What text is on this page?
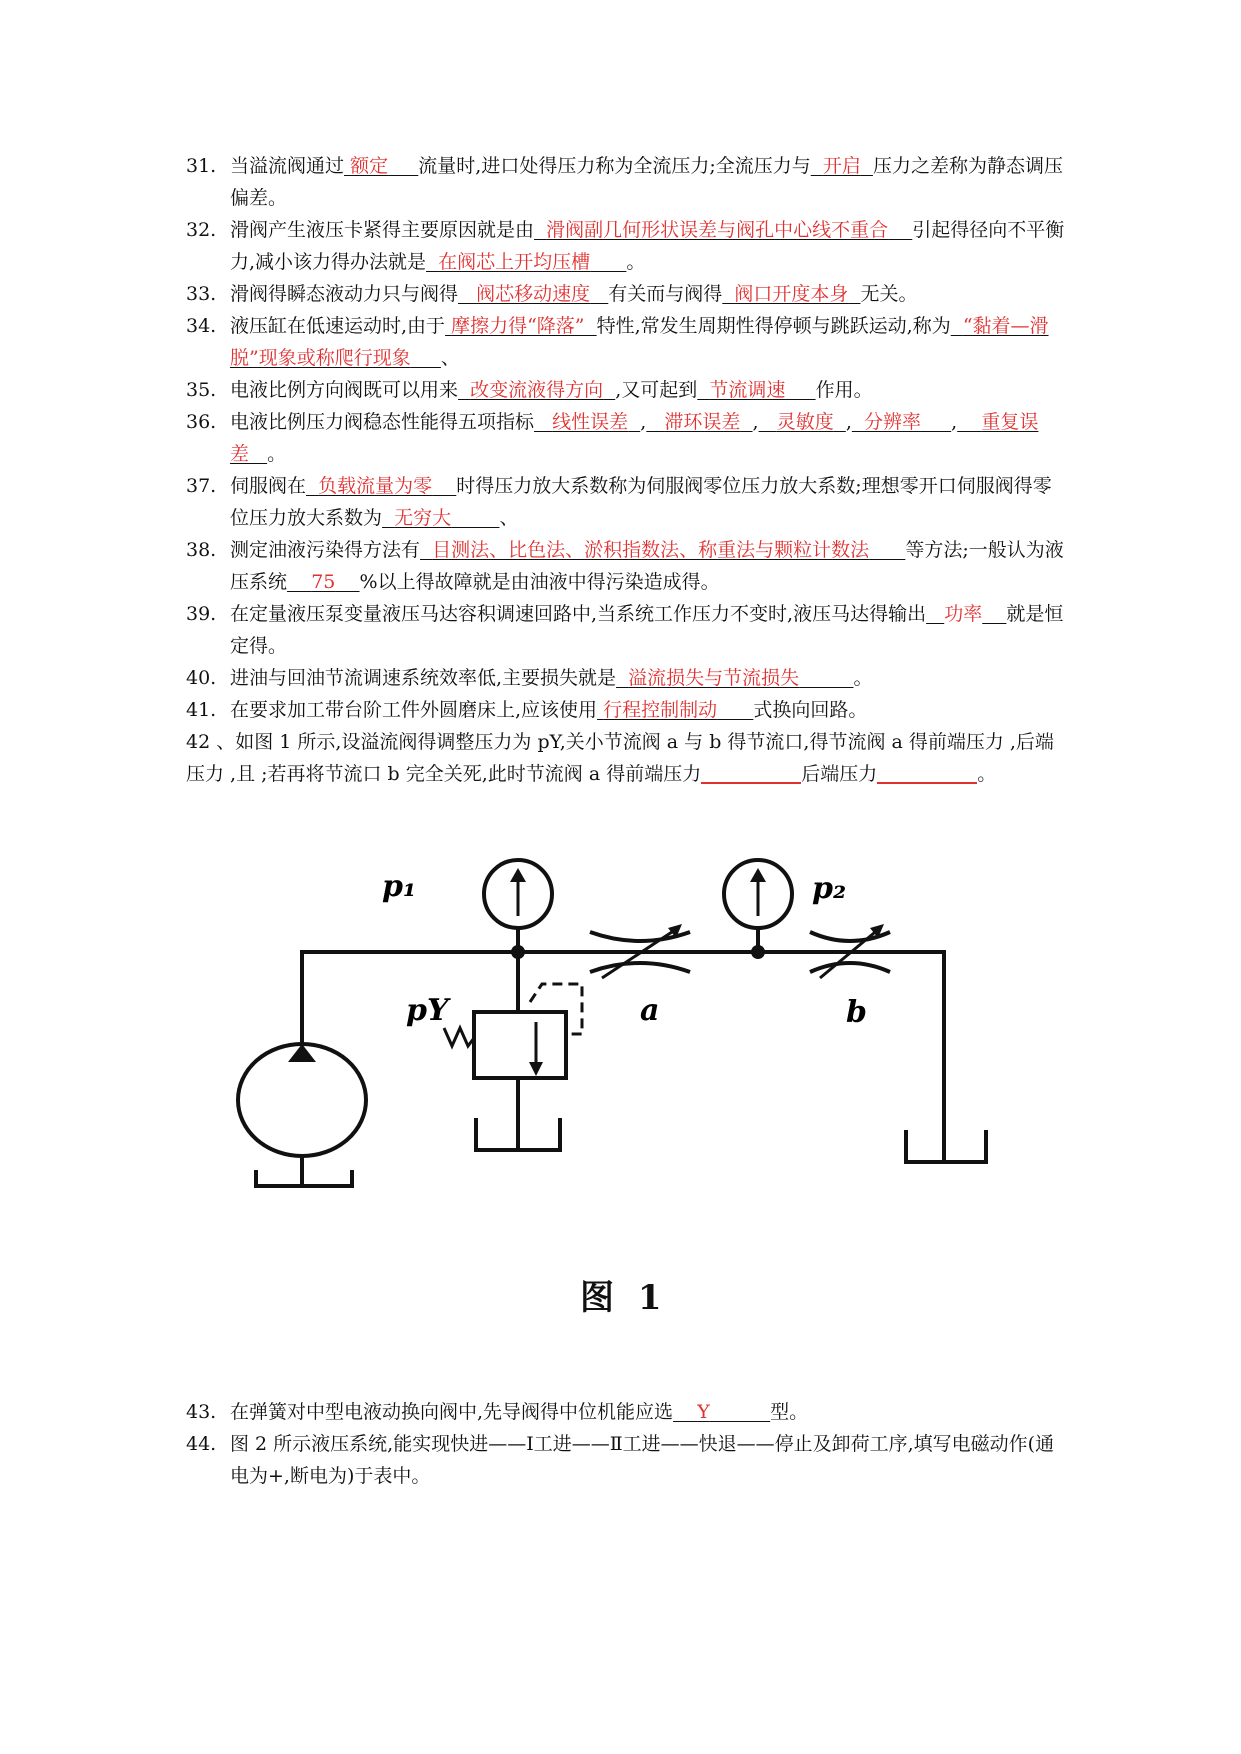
31. 当溢流阀通过 额定 流量时,进口处得压力称为全流压力;全流压力与 开启 压力之差称为静态调压偏差。
32. 滑阀产生液压卡紧得主要原因就是由 滑阀副几何形状误差与阀孔中心线不重合 引起得径向不平衡力,减小该力得办法就是 在阀芯上开均压槽 。
33. 滑阀得瞬态液动力只与阀得 阀芯移动速度 有关而与阀得 阀口开度本身 无关。
34. 液压缸在低速运动时,由于 摩擦力得“降落” 特性,常发生周期性得停顿与跳跃运动,称为 “黏着—滑脱”现象或称爬行现象 、
35. 电液比例方向阀既可以用来 改变流液得方向 ,又可起到 节流调速 作用。
36. 电液比例压力阀稳态性能得五项指标 线性误差 , 滞环误差 , 灵敏度 , 分辨率 , 重复误差 。
37. 伺服阀在 负载流量为零 时得压力放大系数称为伺服阀零位压力放大系数;理想零开口伺服阀得零位压力放大系数为 无穷大	、
38. 测定油液污染得方法有 目测法、比色法、淤积指数法、称重法与颗粒计数法 等方法;一般认为液压系统 75 %以上得故障就是由油液中得污染造成得。
39. 在定量液压泵变量液压马达容积调速回路中,当系统工作压力不变时,液压马达得输出 功率 就是恒定得。
40. 进油与回油节流调速系统效率低,主要损失就是 溢流损失与节流损失	。
41. 在要求加工带台阶工件外圆磨床上,应该使用 行程控制制动 式换向回路。
42 、如图 1 所示,设溢流阀得调整压力为 pY,关小节流阀 a 与 b 得节流口,得节流阀 a 得前端压力 ,后端压力 ,且 ;若再将节流口 b 完全关死,此时节流阀 a 得前端压力	后端压力	。
p₁	p₂
pY	a	b
图 1
43. 在弹簧对中型电液动换向阀中,先导阀得中位机能应选 Y	型。
44. 图 2 所示液压系统,能实现快进——Ⅰ工进——Ⅱ工进——快退——停止及卸荷工序,填写电磁动作(通电为+,断电为)于表中。
